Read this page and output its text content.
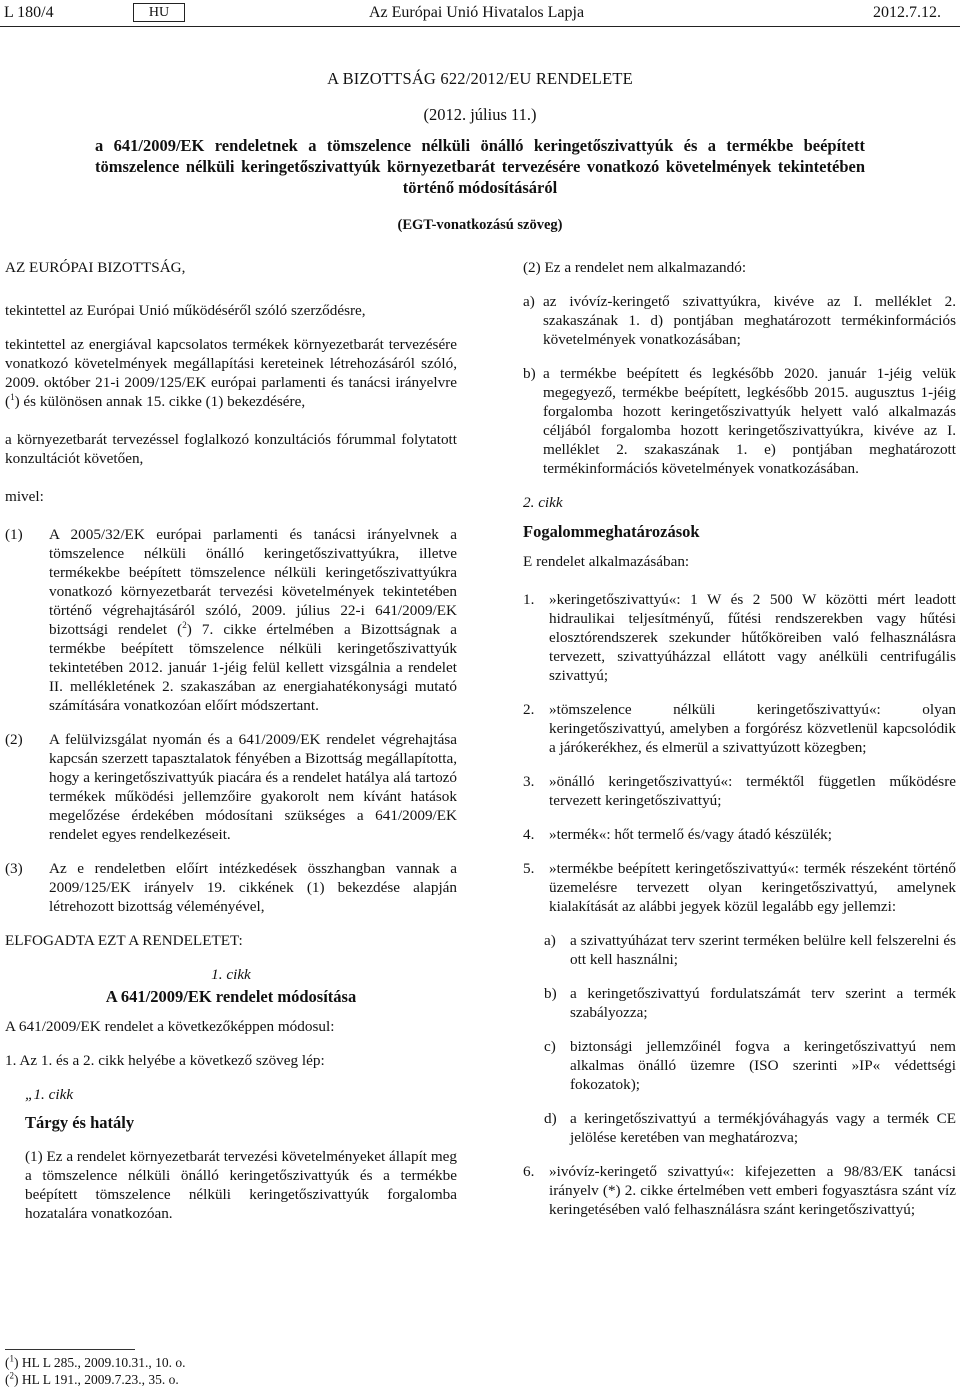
L 180/4	HU	Az Európai Unió Hivatalos Lapja	2012.7.12.

A BIZOTTSÁG 622/2012/EU RENDELETE

(2012. július 11.)

a 641/2009/EK rendeletnek a tömszelence nélküli önálló keringetőszivattyúk és a termékbe beépített tömszelence nélküli keringetőszivattyúk környezetbarát tervezésére vonatkozó követelmények tekintetében történő módosításáról

(EGT-vonatkozású szöveg)

AZ EURÓPAI BIZOTTSÁG,

tekintettel az Európai Unió működéséről szóló szerződésre,

tekintettel az energiával kapcsolatos termékek környezetbarát tervezésére vonatkozó követelmények megállapítási kereteinek létrehozásáról szóló, 2009. október 21-i 2009/125/EK európai parlamenti és tanácsi irányelvre ($^1$) és különösen annak 15. cikke (1) bekezdésére,

a környezetbarát tervezéssel foglalkozó konzultációs fórummal folytatott konzultációt követően,

mivel:

(1) A 2005/32/EK európai parlamenti és tanácsi irányelvnek a tömszelence nélküli önálló keringetőszivattyúkra, illetve termékekbe beépített tömszelence nélküli keringetőszivattyúkra vonatkozó környezetbarát tervezési követelmények tekintetében történő végrehajtásáról szóló, 2009. július 22-i 641/2009/EK bizottsági rendelet ($^2$) 7. cikke értelmében a Bizottságnak a termékbe beépített tömszelence nélküli keringetőszivattyúk tekintetében 2012. január 1-jéig felül kellett vizsgálnia a rendelet II. mellékletének 2. szakaszában az energiahatékonysági mutató számítására vonatkozóan előírt módszertant.
(2) A felülvizsgálat nyomán és a 641/2009/EK rendelet végrehajtása kapcsán szerzett tapasztalatok fényében a Bizottság megállapította, hogy a keringetőszivattyúk piacára és a rendelet hatálya alá tartozó termékek működési jellemzőire gyakorolt nem kívánt hatások megelőzése érdekében módosítani szükséges a 641/2009/EK rendelet egyes rendelkezéseit.
(3) Az e rendeletben előírt intézkedések összhangban vannak a 2009/125/EK irányelv 19. cikkének (1) bekezdése alapján létrehozott bizottság véleményével,

ELFOGADTA EZT A RENDELETET:

1. cikk

A 641/2009/EK rendelet módosítása

A 641/2009/EK rendelet a következőképpen módosul:

1. Az 1. és a 2. cikk helyébe a következő szöveg lép:

„1. cikk

Tárgy és hatály

(1) Ez a rendelet környezetbarát tervezési követelményeket állapít meg a tömszelence nélküli önálló keringetőszivattyúk és a termékbe beépített tömszelence nélküli keringetőszivattyúk forgalomba hozatalára vonatkozóan.

(2) Ez a rendelet nem alkalmazandó:

a) az ivóvíz-keringető szivattyúkra, kivéve az I. melléklet 2. szakaszának 1. d) pontjában meghatározott termékinformációs követelmények vonatkozásában;
b) a termékbe beépített és legkésőbb 2020. január 1-jéig velük megegyező, termékbe beépített, legkésőbb 2015. augusztus 1-jéig forgalomba hozott keringetőszivattyúk helyett való alkalmazás céljából forgalomba hozott keringetőszivattyúkra, kivéve az I. melléklet 2. szakaszának 1. e) pontjában meghatározott termékinformációs követelmények vonatkozásában.

2. cikk

Fogalommeghatározások

E rendelet alkalmazásában:

1. »keringetőszivattyú«: 1 W és 2 500 W közötti mért leadott hidraulikai teljesítményű, fűtési rendszerekben vagy hűtési elosztórendszerek szekunder hűtőköreiben való felhasználásra tervezett, szivattyúházzal ellátott vagy anélküli centrifugális szivattyú;
2. »tömszelence nélküli keringetőszivattyú«: olyan keringetőszivattyú, amelyben a forgórész közvetlenül kapcsolódik a járókerékhez, és elmerül a szivattyúzott közegben;
3. »önálló keringetőszivattyú«: terméktől független működésre tervezett keringetőszivattyú;
4. »termék«: hőt termelő és/vagy átadó készülék;
5. »termékbe beépített keringetőszivattyú«: termék részeként történő üzemelésre tervezett olyan keringetőszivattyú, amelynek kialakítását az alábbi jegyek közül legalább egy jellemzi:
a) a szivattyúházat terv szerint terméken belülre kell felszerelni és ott kell használni;
b) a keringetőszivattyú fordulatszámát terv szerint a termék szabályozza;
c) biztonsági jellemzőinél fogva a keringetőszivattyú nem alkalmas önálló üzemre (ISO szerinti »IP« védettségi fokozatok);
d) a keringetőszivattyú a termékjóváhagyás vagy a termék CE jelölése keretében van meghatározva;
6. »ivóvíz-keringető szivattyú«: kifejezetten a 98/83/EK tanácsi irányelv (*) 2. cikke értelmében vett emberi fogyasztásra szánt víz keringetésében való felhasználásra szánt keringetőszivattyú;

($^1$) HL L 285., 2009.10.31., 10. o.

($^2$) HL L 191., 2009.7.23., 35. o.
